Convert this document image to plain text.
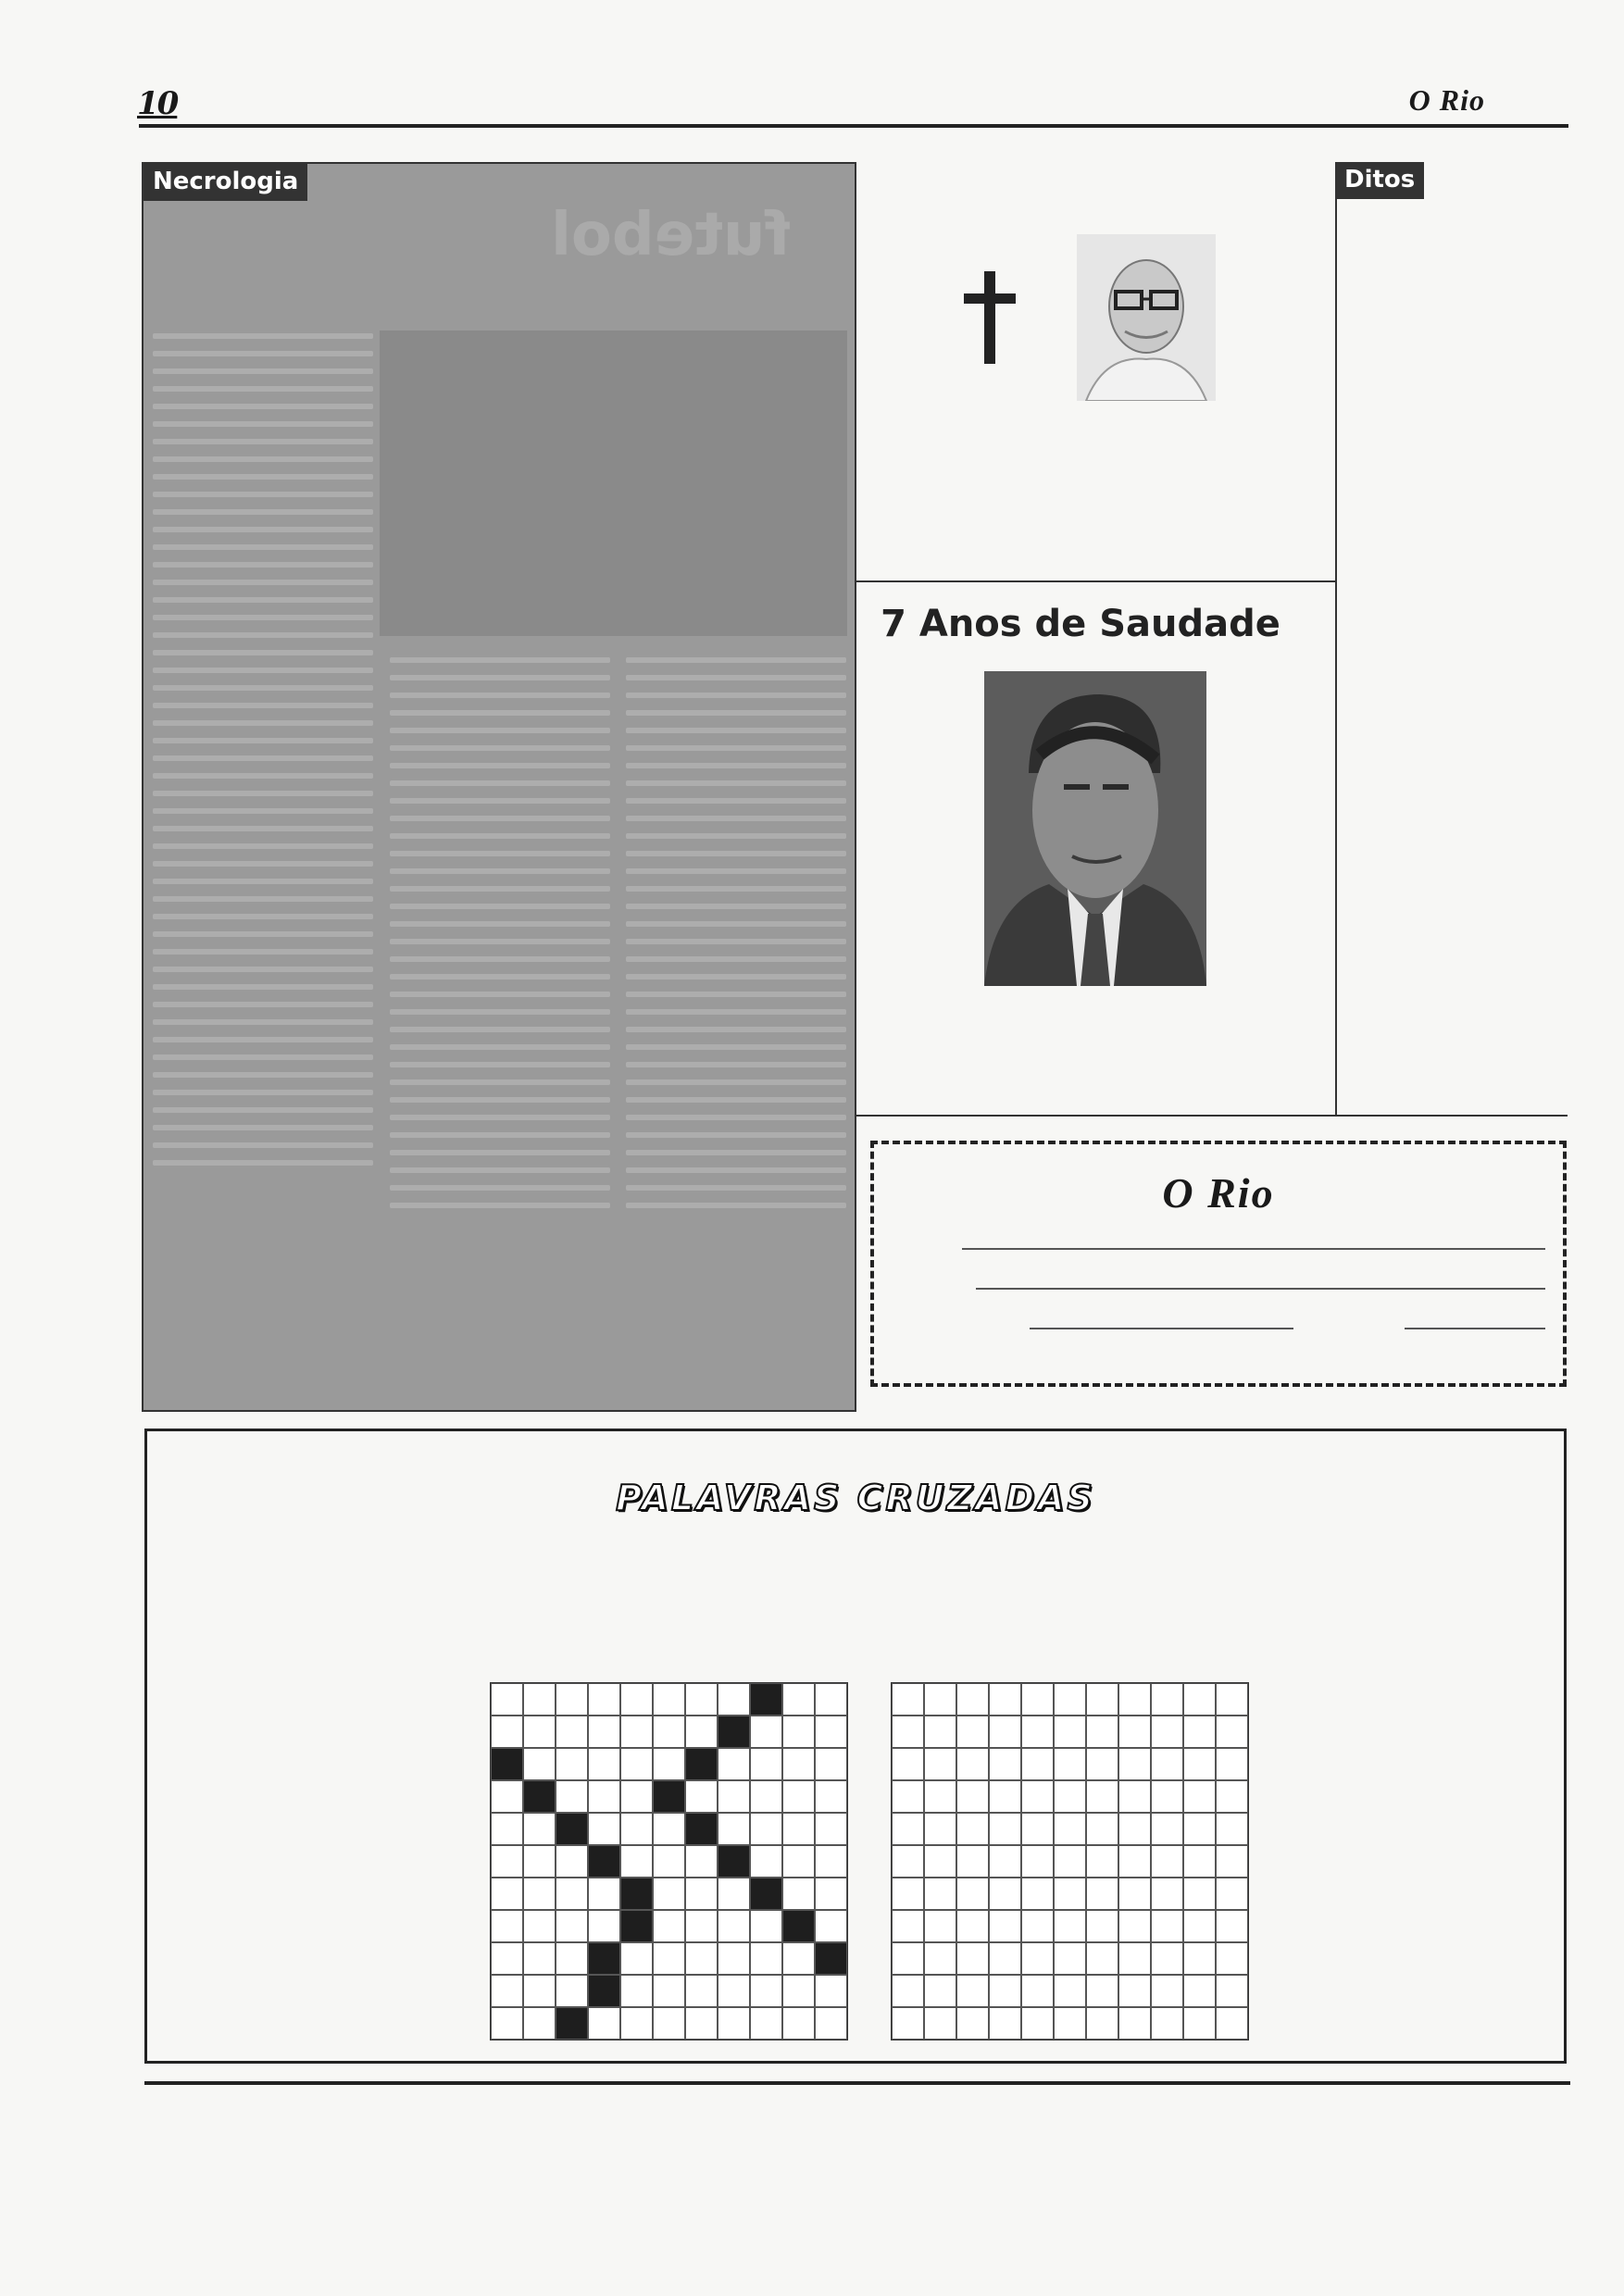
10	O Rio
futebol
Necrologia
7 Anos de Saudade
Ditos
O Rio
PALAVRAS CRUZADAS
